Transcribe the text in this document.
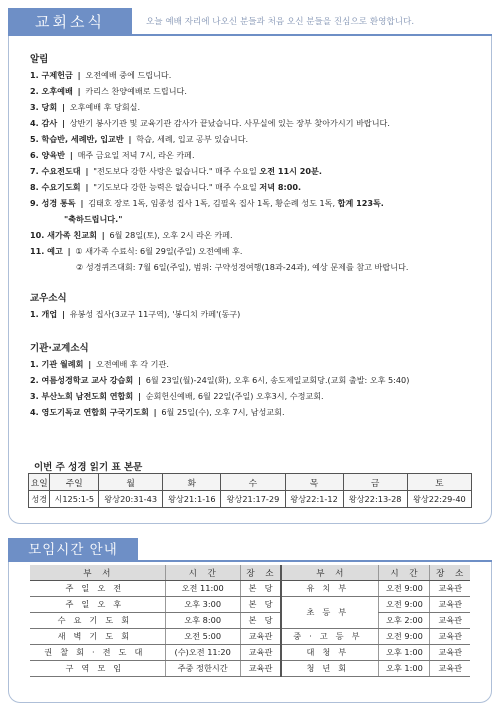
교회소식	오늘 예배 자리에 나오신 분들과 처음 오신 분들을 진심으로 환영합니다.
알림
1. 구제헌금 | 오전예배 중에 드립니다.
2. 오후예배 | 카리스 찬양예배로 드립니다.
3. 당회 | 오후예배 후 당회실.
4. 감사 | 상반기 봉사기관 및 교육기관 감사가 끝났습니다. 사무실에 있는 장부 찾아가시기 바랍니다.
5. 학습반, 세례반, 입교반 | 학습, 세례, 입교 공부 있습니다.
6. 양육반 | 매주 금요일 저녁 7시, 라온 카페.
7. 수요전도대 | "전도보다 강한 사랑은 없습니다." 매주 수요일 오전 11시 20분.
8. 수요기도회 | "기도보다 강한 능력은 없습니다." 매주 수요일 저녁 8:00.
9. 성경 통독 | 김태호 장로 1독, 임종성 집사 1독, 김필옥 집사 1독, 황순례 성도 1독, 합계 123독.
"축하드립니다."
10. 새가족 친교회 | 6월 28일(토), 오후 2시 라온 카페.
11. 예고 | ① 새가족 수료식: 6월 29일(주일) 오전예배 후.
② 성경퀴즈대회: 7월 6일(주일), 범위: 구약성경여행(18과-24과), 예상 문제를 참고 바랍니다.
교우소식
1. 개업 | 유봉성 집사(3교구 11구역), '봉디치 카페'(동구)
기관·교계소식
1. 기관 월례회 | 오전예배 후 각 기관.
2. 여름성경학교 교사 강습회 | 6월 23일(월)-24일(화), 오후 6시, 송도제일교회당.(교회 출발: 오후 5:40)
3. 부산노회 남전도회 연합회 | 순회헌신예배, 6월 22일(주일) 오후3시, 수정교회.
4. 영도기독교 연합회 구국기도회 | 6월 25일(수), 오후 7시, 남성교회.
이번 주 성경 읽기 표 본문
요일	주일	월	화	수	목	금	토
성경	시125:1-5	왕상20:31-43	왕상21:1-16	왕상21:17-29	왕상22:1-12	왕상22:13-28	왕상22:29-40
모임시간 안내
부　서	시　간	장　소	부　서	시　간	장　소
주일오전	오전 11:00	본　당	유치부	오전 9:00	교육관
주일오후	오후 3:00	본　당	초등부	오전 9:00	교육관
수요기도회	오후 8:00	본　당		오후 2:00	교육관
새벽기도회	오전 5:00	교육관	중·고등부	오전 9:00	교육관
권찰회·전도대	(수)오전 11:20	교육관	대청부	오후 1:00	교육관
구역모임	주중 정한시간	교육관	청년회	오후 1:00	교육관
